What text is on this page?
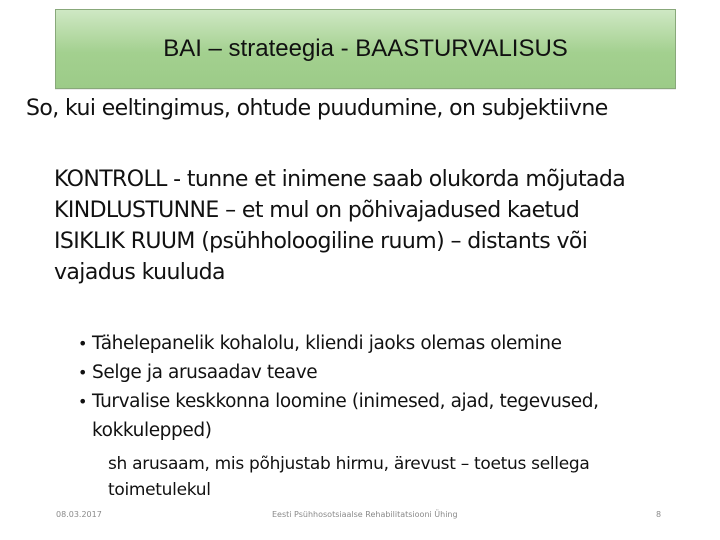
BAI – strateegia - BAASTURVALISUS
So, kui eeltingimus, ohtude puudumine, on subjektiivne
KONTROLL - tunne et inimene saab olukorda mõjutada
KINDLUSTUNNE – et mul on põhivajadused kaetud
ISIKLIK RUUM (psühholoogiline ruum) – distants või vajadus kuuluda
• Tähelepanelik kohalolu, kliendi jaoks olemas olemine
• Selge ja arusaadav teave
• Turvalise keskkonna loomine (inimesed, ajad, tegevused, kokkulepped)
sh arusaam, mis põhjustab hirmu, ärevust – toetus sellega toimetulekul
08.03.2017	Eesti Psühhosotsiaalse Rehabilitatsiooni Ühing	8
